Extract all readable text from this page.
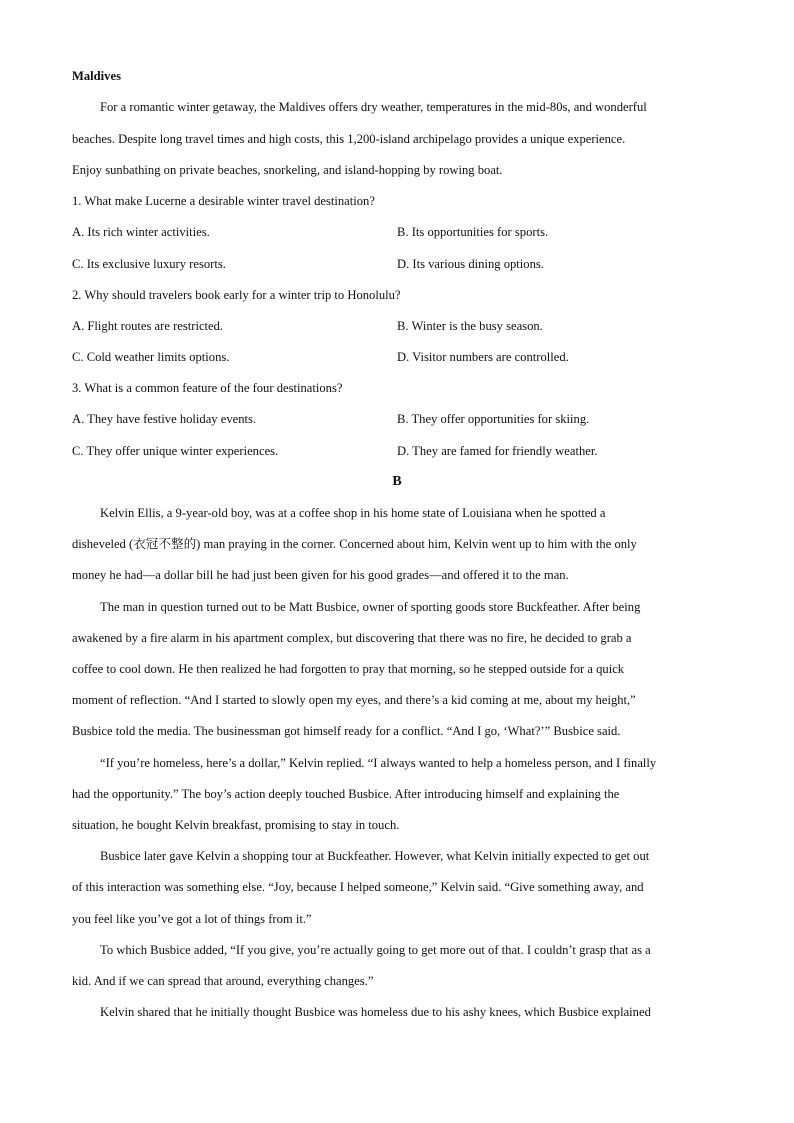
Maldives
For a romantic winter getaway, the Maldives offers dry weather, temperatures in the mid-80s, and wonderful
beaches. Despite long travel times and high costs, this 1,200-island archipelago provides a unique experience.
Enjoy sunbathing on private beaches, snorkeling, and island-hopping by rowing boat.
1. What make Lucerne a desirable winter travel destination?
A. Its rich winter activities.	B. Its opportunities for sports.
C. Its exclusive luxury resorts.	D. Its various dining options.
2. Why should travelers book early for a winter trip to Honolulu?
A. Flight routes are restricted.	B. Winter is the busy season.
C. Cold weather limits options.	D. Visitor numbers are controlled.
3. What is a common feature of the four destinations?
A. They have festive holiday events.	B. They offer opportunities for skiing.
C. They offer unique winter experiences.	D. They are famed for friendly weather.
B
Kelvin Ellis, a 9-year-old boy, was at a coffee shop in his home state of Louisiana when he spotted a
disheveled (衣冠不整的) man praying in the corner. Concerned about him, Kelvin went up to him with the only
money he had—a dollar bill he had just been given for his good grades—and offered it to the man.
The man in question turned out to be Matt Busbice, owner of sporting goods store Buckfeather. After being
awakened by a fire alarm in his apartment complex, but discovering that there was no fire, he decided to grab a
coffee to cool down. He then realized he had forgotten to pray that morning, so he stepped outside for a quick
moment of reflection. “And I started to slowly open my eyes, and there’s a kid coming at me, about my height,”
Busbice told the media. The businessman got himself ready for a conflict. “And I go, ‘What?’” Busbice said.
“If you’re homeless, here’s a dollar,” Kelvin replied. “I always wanted to help a homeless person, and I finally
had the opportunity.” The boy’s action deeply touched Busbice. After introducing himself and explaining the
situation, he bought Kelvin breakfast, promising to stay in touch.
Busbice later gave Kelvin a shopping tour at Buckfeather. However, what Kelvin initially expected to get out
of this interaction was something else. “Joy, because I helped someone,” Kelvin said. “Give something away, and
you feel like you’ve got a lot of things from it.”
To which Busbice added, “If you give, you’re actually going to get more out of that. I couldn’t grasp that as a
kid. And if we can spread that around, everything changes.”
Kelvin shared that he initially thought Busbice was homeless due to his ashy knees, which Busbice explained
